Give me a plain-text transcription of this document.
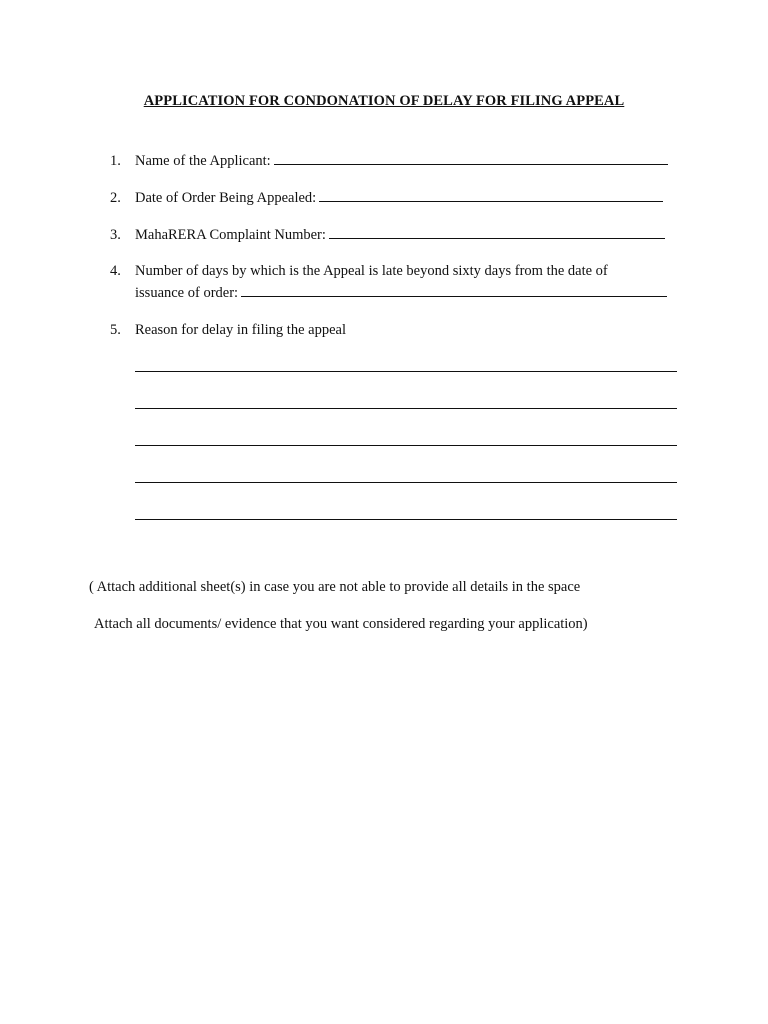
APPLICATION FOR CONDONATION OF DELAY FOR FILING APPEAL
1. Name of the Applicant:
2. Date of Order Being Appealed:
3. MahaRERA Complaint Number:
4. Number of days by which is the Appeal is late beyond sixty days from the date of
issuance of order:
5. Reason for delay in filing the appeal
( Attach additional sheet(s) in case you are not able to provide all details in the space
Attach all documents/ evidence that you want considered regarding your application)
